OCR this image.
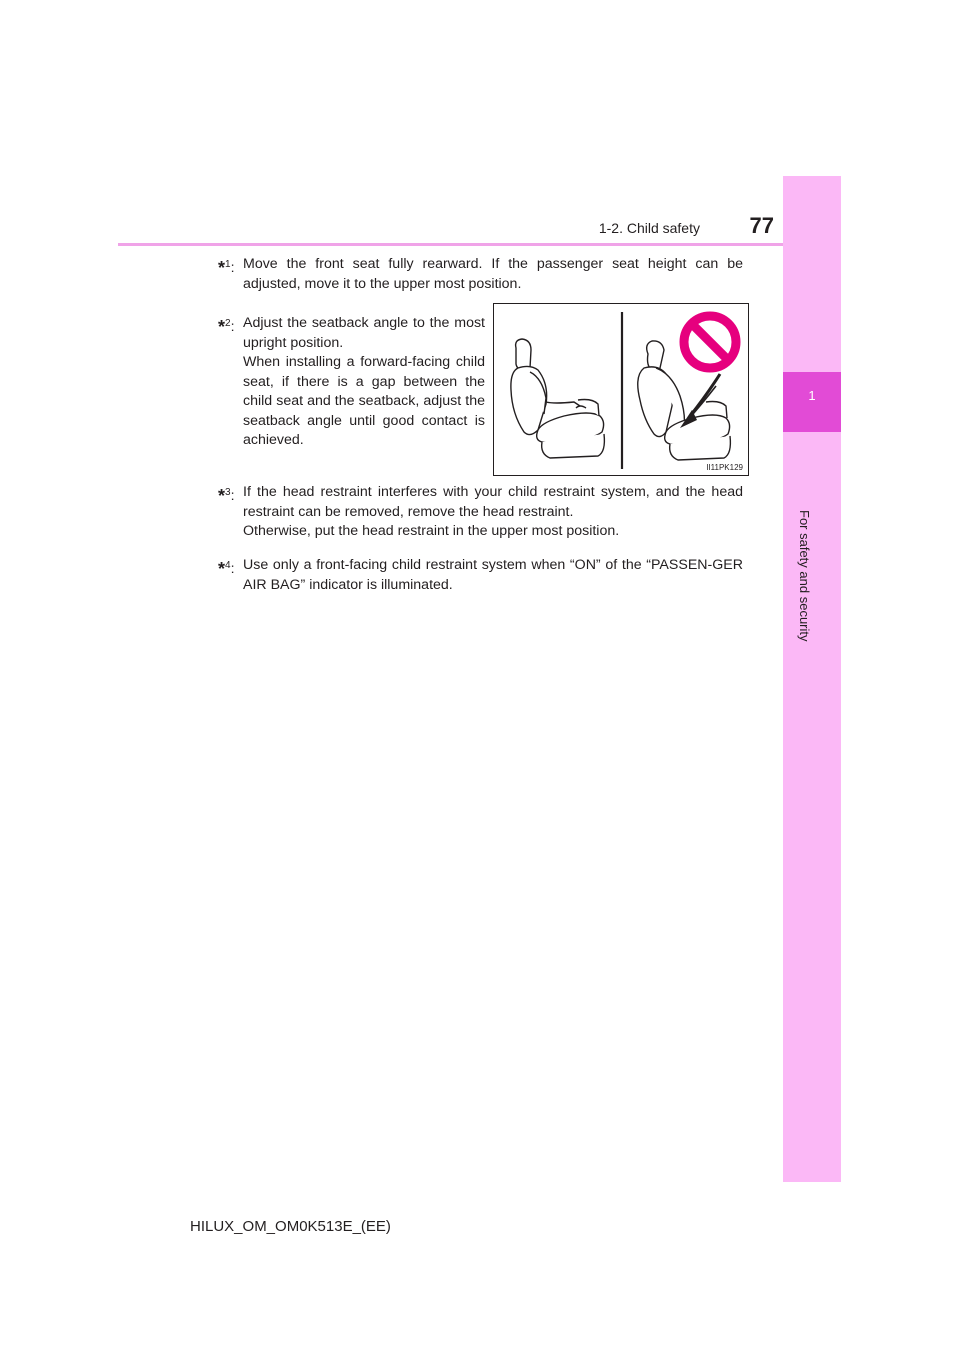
1
For safety and security
1-2. Child safety	77
*$^1$: Move the front seat fully rearward. If the passenger seat height can be adjusted, move it to the upper most position.

*$^2$: Adjust the seatback angle to the most upright position.

When installing a forward-facing child seat, if there is a gap between the child seat and the seatback, adjust the seatback angle until good contact is achieved.

II11PK129
*$^3$: If the head restraint interferes with your child restraint system, and the head restraint can be removed, remove the head restraint.

Otherwise, put the head restraint in the upper most position.

*$^4$: Use only a front-facing child restraint system when “ON” of the “PASSEN-GER AIR BAG” indicator is illuminated.

HILUX_OM_OM0K513E_(EE)
